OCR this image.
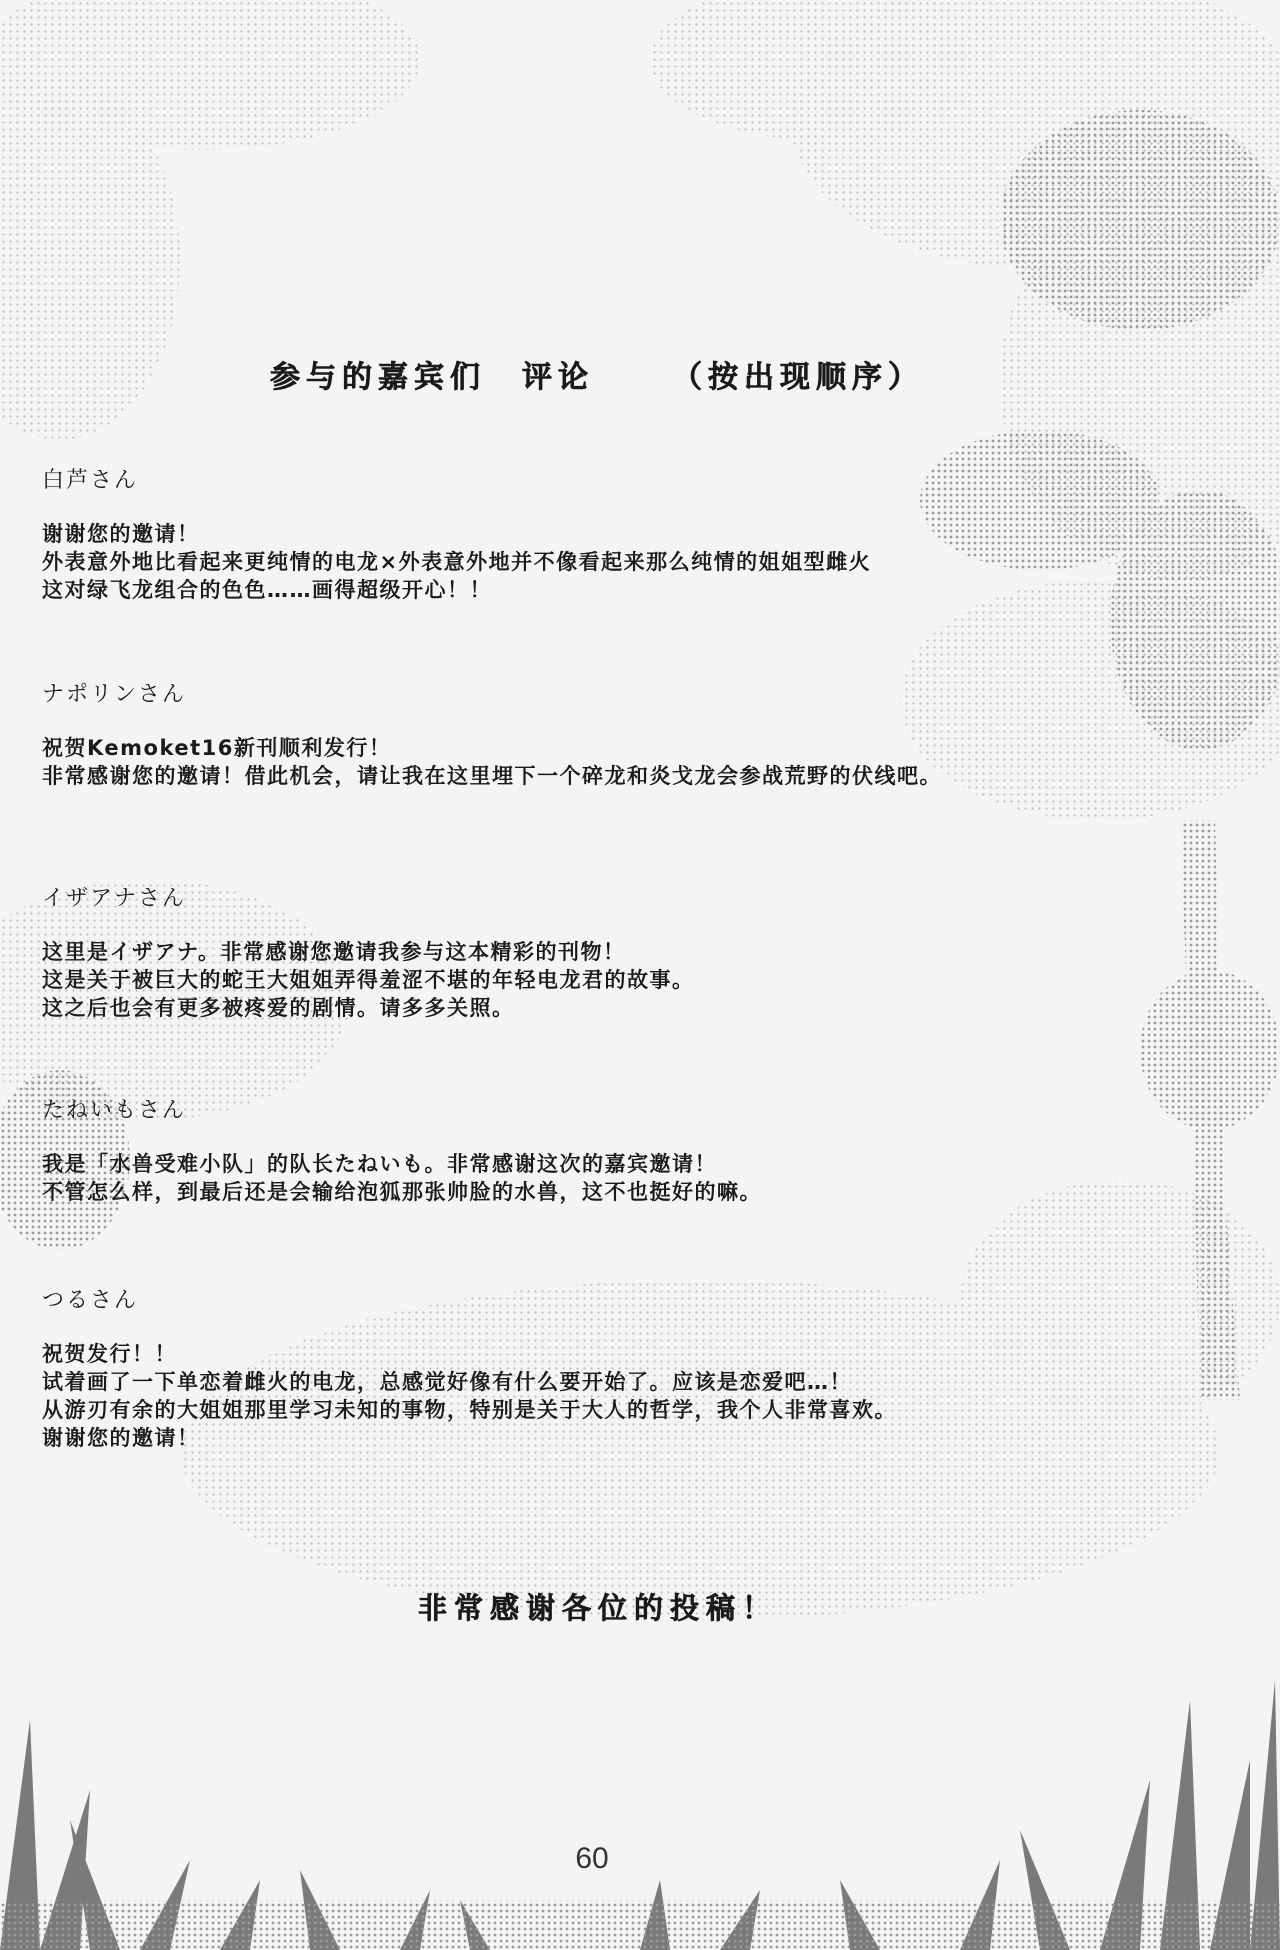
参与的嘉宾们　评论	（按出现顺序）
白芦さん

谢谢您的邀请！

外表意外地比看起来更纯情的电龙×外表意外地并不像看起来那么纯情的姐姐型雌火

这对绿飞龙组合的色色……画得超级开心！！

ナポリンさん

祝贺Kemoket16新刊顺利发行！

非常感谢您的邀请！借此机会，请让我在这里埋下一个碎龙和炎戈龙会参战荒野的伏线吧。

イザアナさん

这里是イザアナ。非常感谢您邀请我参与这本精彩的刊物！

这是关于被巨大的蛇王大姐姐弄得羞涩不堪的年轻电龙君的故事。

这之后也会有更多被疼爱的剧情。请多多关照。

たねいもさん

我是「水兽受难小队」的队长たねいも。非常感谢这次的嘉宾邀请！

不管怎么样，到最后还是会输给泡狐那张帅脸的水兽，这不也挺好的嘛。

つるさん

祝贺发行！！

试着画了一下单恋着雌火的电龙，总感觉好像有什么要开始了。应该是恋爱吧…！

从游刃有余的大姐姐那里学习未知的事物，特别是关于大人的哲学，我个人非常喜欢。

谢谢您的邀请！

非常感谢各位的投稿！
60
